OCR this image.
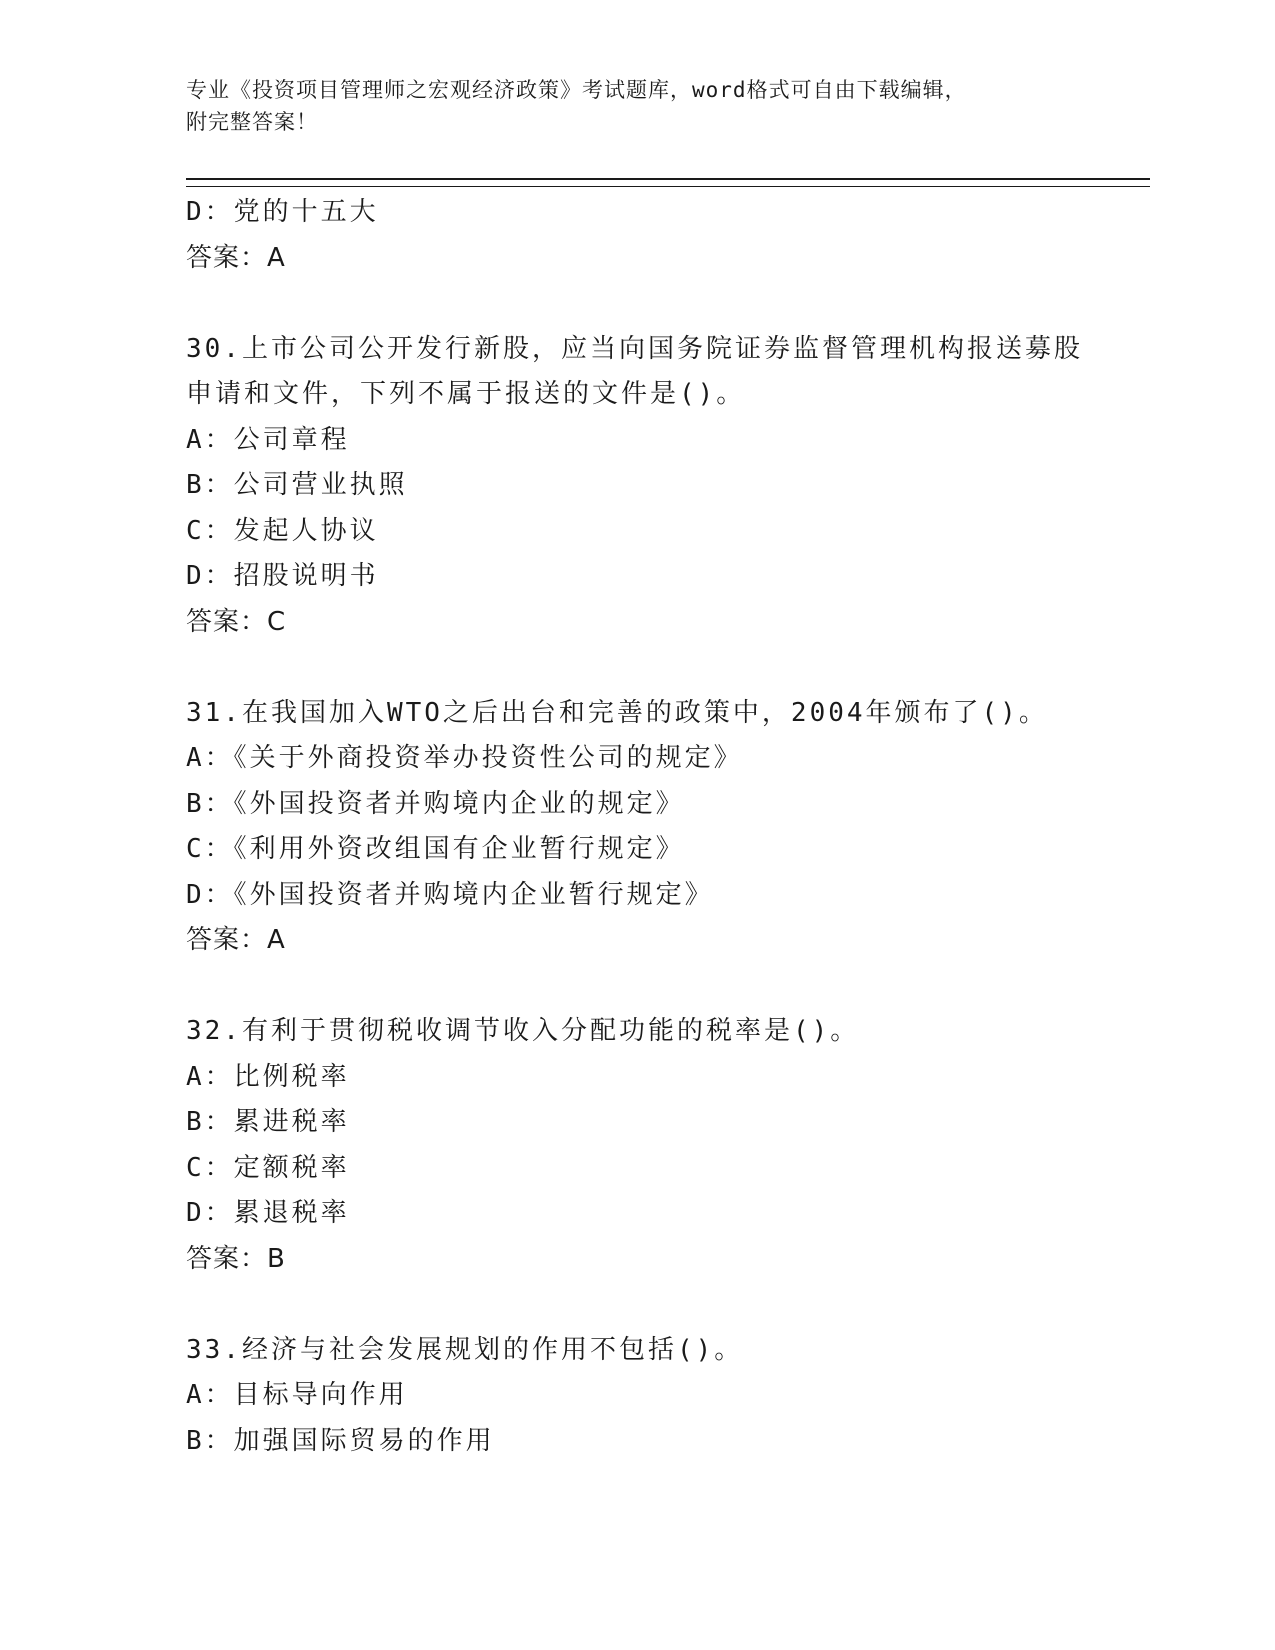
专业《投资项目管理师之宏观经济政策》考试题库，word格式可自由下载编辑，
附完整答案！
D：党的十五大
答案：A
30.上市公司公开发行新股，应当向国务院证券监督管理机构报送募股
申请和文件，下列不属于报送的文件是()。
A：公司章程
B：公司营业执照
C：发起人协议
D：招股说明书
答案：C
31.在我国加入WTO之后出台和完善的政策中，2004年颁布了()。
A：《关于外商投资举办投资性公司的规定》
B：《外国投资者并购境内企业的规定》
C：《利用外资改组国有企业暂行规定》
D：《外国投资者并购境内企业暂行规定》
答案：A
32.有利于贯彻税收调节收入分配功能的税率是()。
A：比例税率
B：累进税率
C：定额税率
D：累退税率
答案：B
33.经济与社会发展规划的作用不包括()。
A：目标导向作用
B：加强国际贸易的作用
